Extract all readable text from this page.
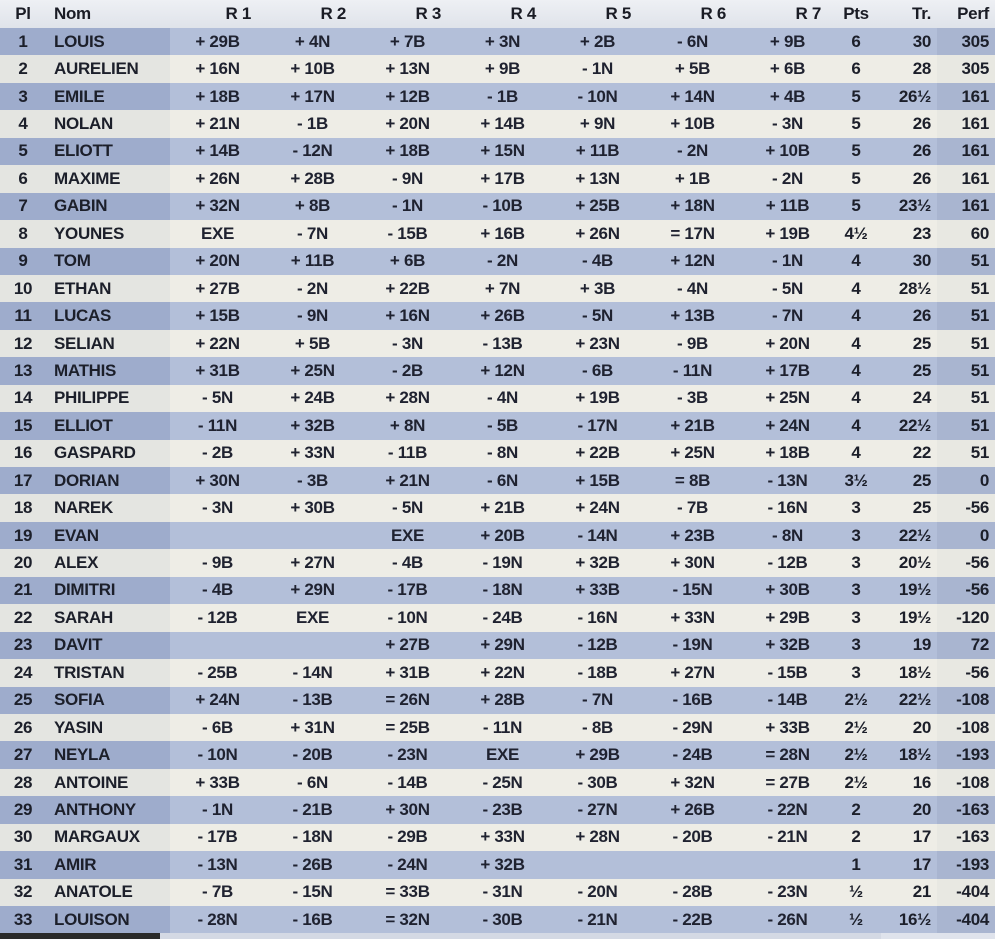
Pl	Nom	R 1	R 2	R 3	R 4	R 5	R 6	R 7	Pts	Tr.	Perf
1	LOUIS	+ 29B	+ 4N	+ 7B	+ 3N	+ 2B	- 6N	+ 9B	6	30	305
2	AURELIEN	+ 16N	+ 10B	+ 13N	+ 9B	- 1N	+ 5B	+ 6B	6	28	305
3	EMILE	+ 18B	+ 17N	+ 12B	- 1B	- 10N	+ 14N	+ 4B	5	26½	161
4	NOLAN	+ 21N	- 1B	+ 20N	+ 14B	+ 9N	+ 10B	- 3N	5	26	161
5	ELIOTT	+ 14B	- 12N	+ 18B	+ 15N	+ 11B	- 2N	+ 10B	5	26	161
6	MAXIME	+ 26N	+ 28B	- 9N	+ 17B	+ 13N	+ 1B	- 2N	5	26	161
7	GABIN	+ 32N	+ 8B	- 1N	- 10B	+ 25B	+ 18N	+ 11B	5	23½	161
8	YOUNES	EXE	- 7N	- 15B	+ 16B	+ 26N	= 17N	+ 19B	4½	23	60
9	TOM	+ 20N	+ 11B	+ 6B	- 2N	- 4B	+ 12N	- 1N	4	30	51
10	ETHAN	+ 27B	- 2N	+ 22B	+ 7N	+ 3B	- 4N	- 5N	4	28½	51
11	LUCAS	+ 15B	- 9N	+ 16N	+ 26B	- 5N	+ 13B	- 7N	4	26	51
12	SELIAN	+ 22N	+ 5B	- 3N	- 13B	+ 23N	- 9B	+ 20N	4	25	51
13	MATHIS	+ 31B	+ 25N	- 2B	+ 12N	- 6B	- 11N	+ 17B	4	25	51
14	PHILIPPE	- 5N	+ 24B	+ 28N	- 4N	+ 19B	- 3B	+ 25N	4	24	51
15	ELLIOT	- 11N	+ 32B	+ 8N	- 5B	- 17N	+ 21B	+ 24N	4	22½	51
16	GASPARD	- 2B	+ 33N	- 11B	- 8N	+ 22B	+ 25N	+ 18B	4	22	51
17	DORIAN	+ 30N	- 3B	+ 21N	- 6N	+ 15B	= 8B	- 13N	3½	25	0
18	NAREK	- 3N	+ 30B	- 5N	+ 21B	+ 24N	- 7B	- 16N	3	25	-56
19	EVAN			EXE	+ 20B	- 14N	+ 23B	- 8N	3	22½	0
20	ALEX	- 9B	+ 27N	- 4B	- 19N	+ 32B	+ 30N	- 12B	3	20½	-56
21	DIMITRI	- 4B	+ 29N	- 17B	- 18N	+ 33B	- 15N	+ 30B	3	19½	-56
22	SARAH	- 12B	EXE	- 10N	- 24B	- 16N	+ 33N	+ 29B	3	19½	-120
23	DAVIT			+ 27B	+ 29N	- 12B	- 19N	+ 32B	3	19	72
24	TRISTAN	- 25B	- 14N	+ 31B	+ 22N	- 18B	+ 27N	- 15B	3	18½	-56
25	SOFIA	+ 24N	- 13B	= 26N	+ 28B	- 7N	- 16B	- 14B	2½	22½	-108
26	YASIN	- 6B	+ 31N	= 25B	- 11N	- 8B	- 29N	+ 33B	2½	20	-108
27	NEYLA	- 10N	- 20B	- 23N	EXE	+ 29B	- 24B	= 28N	2½	18½	-193
28	ANTOINE	+ 33B	- 6N	- 14B	- 25N	- 30B	+ 32N	= 27B	2½	16	-108
29	ANTHONY	- 1N	- 21B	+ 30N	- 23B	- 27N	+ 26B	- 22N	2	20	-163
30	MARGAUX	- 17B	- 18N	- 29B	+ 33N	+ 28N	- 20B	- 21N	2	17	-163
31	AMIR	- 13N	- 26B	- 24N	+ 32B				1	17	-193
32	ANATOLE	- 7B	- 15N	= 33B	- 31N	- 20N	- 28B	- 23N	½	21	-404
33	LOUISON	- 28N	- 16B	= 32N	- 30B	- 21N	- 22B	- 26N	½	16½	-404
